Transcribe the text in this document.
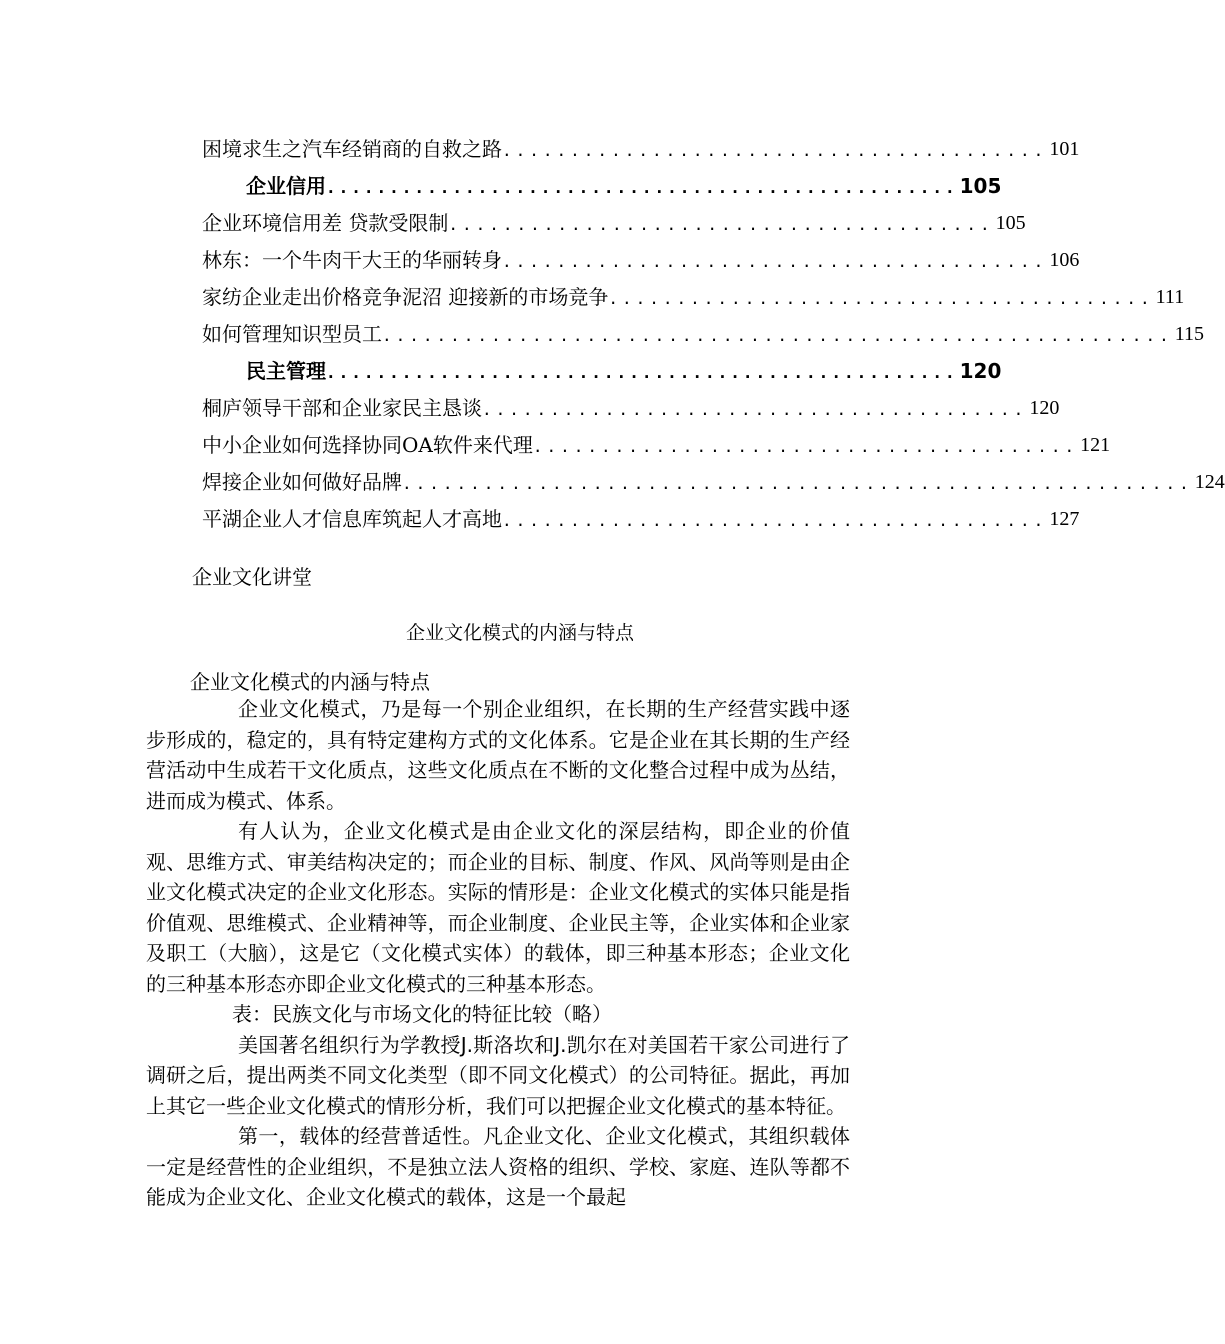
困境求生之汽车经销商的自救之路 ........................................ 101
企业信用 .................................................. 105
企业环境信用差 贷款受限制 ........................................ 105
林东：一个牛肉干大王的华丽转身 ........................................ 106
家纺企业走出价格竞争泥沼 迎接新的市场竞争 ........................................ 111
如何管理知识型员工 .......................................................... 115
民主管理 .................................................. 120
桐庐领导干部和企业家民主恳谈 ........................................ 120
中小企业如何选择协同OA软件来代理 ........................................ 121
焊接企业如何做好品牌 .......................................................... 124
平湖企业人才信息库筑起人才高地 ........................................ 127
企业文化讲堂
企业文化模式的内涵与特点
企业文化模式的内涵与特点

企业文化模式，乃是每一个别企业组织，在长期的生产经营实践中逐步形成的，稳定的，具有特定建构方式的文化体系。它是企业在其长期的生产经营活动中生成若干文化质点，这些文化质点在不断的文化整合过程中成为丛结，进而成为模式、体系。

有人认为，企业文化模式是由企业文化的深层结构，即企业的价值观、思维方式、审美结构决定的；而企业的目标、制度、作风、风尚等则是由企业文化模式决定的企业文化形态。实际的情形是：企业文化模式的实体只能是指价值观、思维模式、企业精神等，而企业制度、企业民主等，企业实体和企业家及职工（大脑），这是它（文化模式实体）的载体，即三种基本形态；企业文化的三种基本形态亦即企业文化模式的三种基本形态。

表：民族文化与市场文化的特征比较（略）

美国著名组织行为学教授J.斯洛坎和J.凯尔在对美国若干家公司进行了调研之后，提出两类不同文化类型（即不同文化模式）的公司特征。据此，再加上其它一些企业文化模式的情形分析，我们可以把握企业文化模式的基本特征。

第一，载体的经营普适性。凡企业文化、企业文化模式，其组织载体一定是经营性的企业组织，不是独立法人资格的组织、学校、家庭、连队等都不能成为企业文化、企业文化模式的载体，这是一个最起
